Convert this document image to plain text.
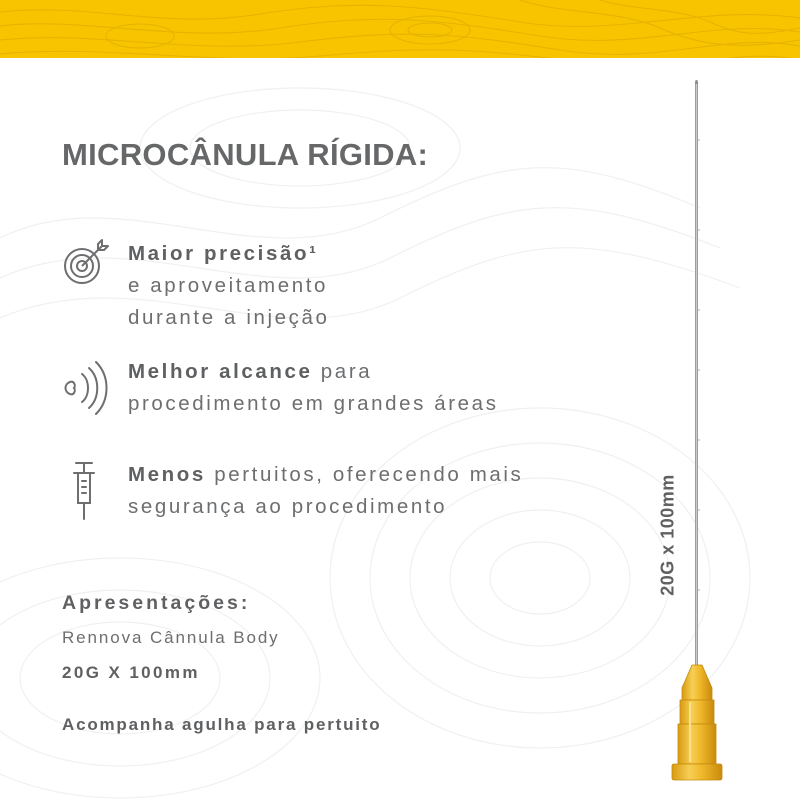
MICROCÂNULA RÍGIDA:
Maior precisão¹
e aproveitamento
durante a injeção
Melhor alcance para
procedimento em grandes áreas
Menos pertuitos, oferecendo mais
segurança ao procedimento
Apresentações:
Rennova Cânnula Body
20G X 100mm
Acompanha agulha para pertuito
20G x 100mm
